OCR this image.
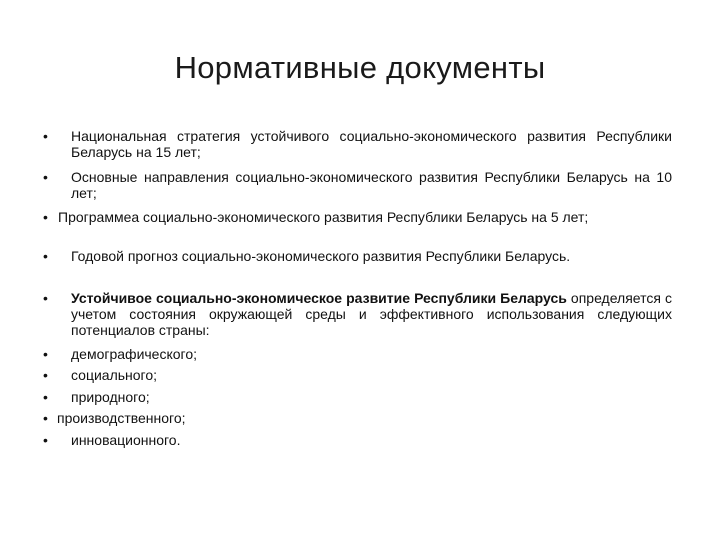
Нормативные документы
• Национальная стратегия устойчивого социально-экономического развития Республики Беларусь на 15 лет;
• Основные направления социально-экономического развития Республики Беларусь на 10 лет;
• Программеа социально-экономического развития Республики Беларусь на 5 лет;
• Годовой прогноз социально-экономического развития Республики Беларусь.
• Устойчивое социально-экономическое развитие Республики Беларусь определяется с учетом состояния окружающей среды и эффективного использования следующих потенциалов страны:
• демографического;
• социального;
• природного;
• производственного;
• инновационного.
